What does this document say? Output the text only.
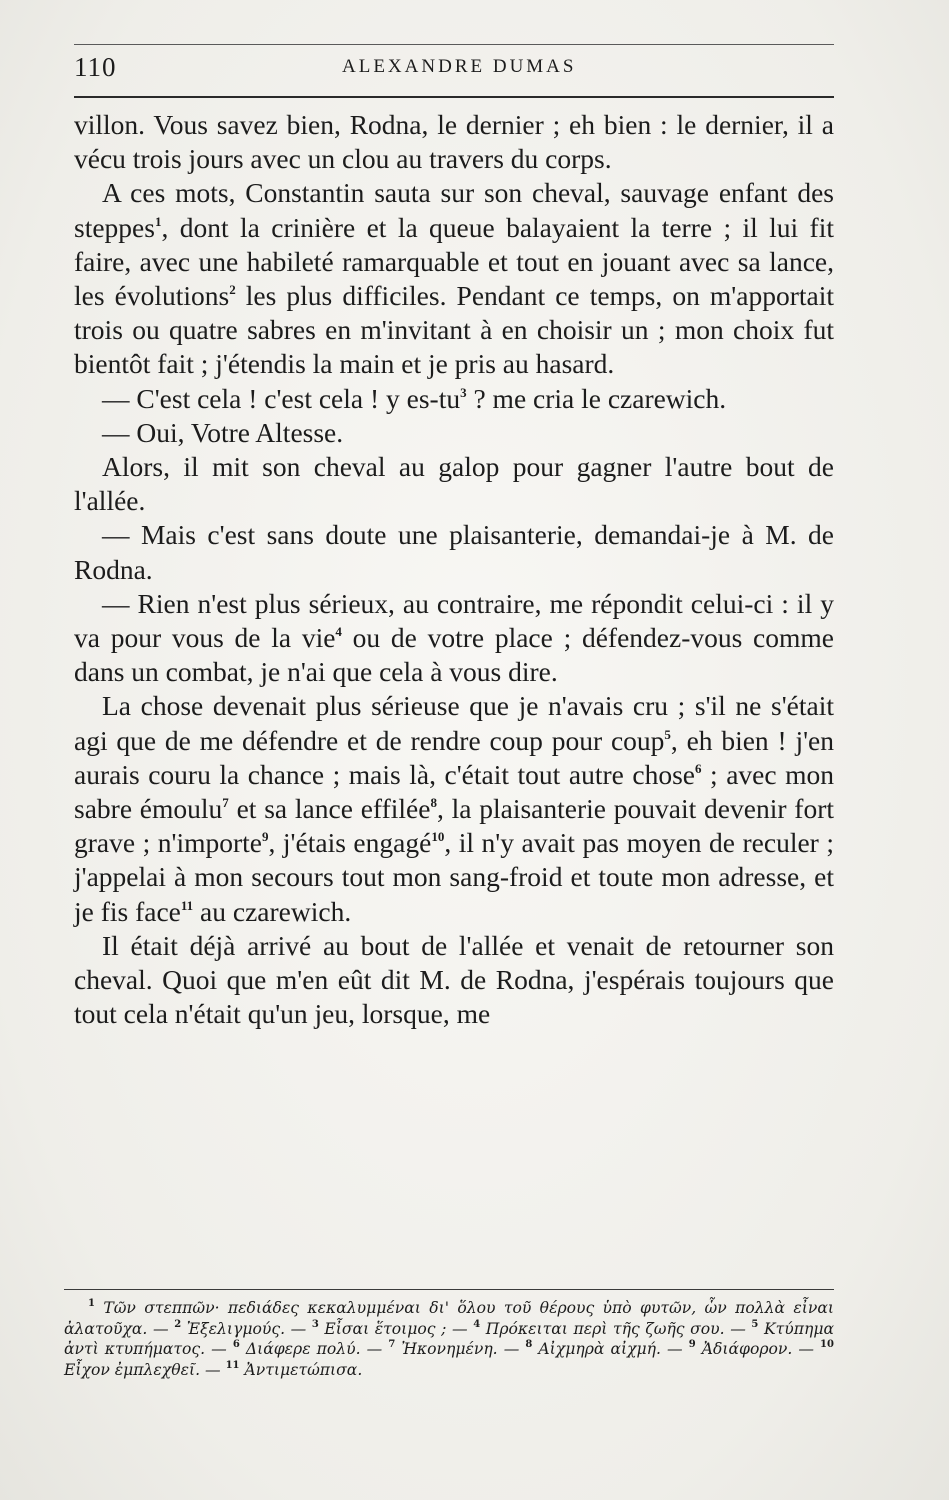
110	ALEXANDRE DUMAS

villon. Vous savez bien, Rodna, le dernier ; eh bien : le dernier, il a vécu trois jours avec un clou au travers du corps.

A ces mots, Constantin sauta sur son cheval, sauvage enfant des steppes$^1$, dont la crinière et la queue balayaient la terre ; il lui fit faire, avec une habileté ramarquable et tout en jouant avec sa lance, les évolutions$^2$ les plus difficiles. Pendant ce temps, on m'apportait trois ou quatre sabres en m'invitant à en choisir un ; mon choix fut bientôt fait ; j'étendis la main et je pris au hasard.

— C'est cela ! c'est cela ! y $es-tu^3$ ? me cria le czarewich.

— Oui, Votre Altesse.

Alors, il mit son cheval au galop pour gagner l'autre bout de l'allée.

— Mais c'est sans doute une plaisanterie, demandai-je à M. de Rodna.

— Rien n'est plus sérieux, au contraire, me répondit celui-ci : il y va pour vous de la vie$^4$ ou de votre place ; défendez-vous comme dans un combat, je n'ai que cela à vous dire.

La chose devenait plus sérieuse que je n'avais cru ; s'il ne s'était agi que de me défendre et de rendre coup pour coup$^5$, eh bien ! j'en aurais couru la chance ; mais là, c'était tout autre chose$^6$ ; avec mon sabre émoulu$^7$ et sa lance effilée$^8$, la plaisanterie pouvait devenir fort grave ; n'importe$^9$, j'étais engagé$^{10}$, il n'y avait pas moyen de reculer ; j'appelai à mon secours tout mon sang-froid et toute mon adresse, et je fis face$^{11}$ au czarewich.

Il était déjà arrivé au bout de l'allée et venait de retourner son cheval. Quoi que m'en eût dit M. de Rodna, j'espérais toujours que tout cela n'était qu'un jeu, lorsque, me

$^1$ Τῶν στεππῶν· πεδιάδες κεκαλυμμέναι δι' ὅλου τοῦ θέρους ὑπὸ φυτῶν, ὧν πολλὰ εἶναι ἀλατοῦχα. — $^2$ Ἐξελιγμούς. — $^3$ Εἶσαι ἕτοιμος ; — $^4$ Πρόκειται περὶ τῆς ζωῆς σου. — $^5$ Κτύπημα ἀντὶ κτυπήματος. — $^6$ Διάφερε πολύ. — $^7$ Ἠκονημένη. — $^8$ Αἰχμηρὰ αἰχμή. — $^9$ Ἀδιάφορον. — $^{10}$ Εἶχον ἐμπλεχθεῖ. — $^{11}$ Ἀντιμετώπισα.
